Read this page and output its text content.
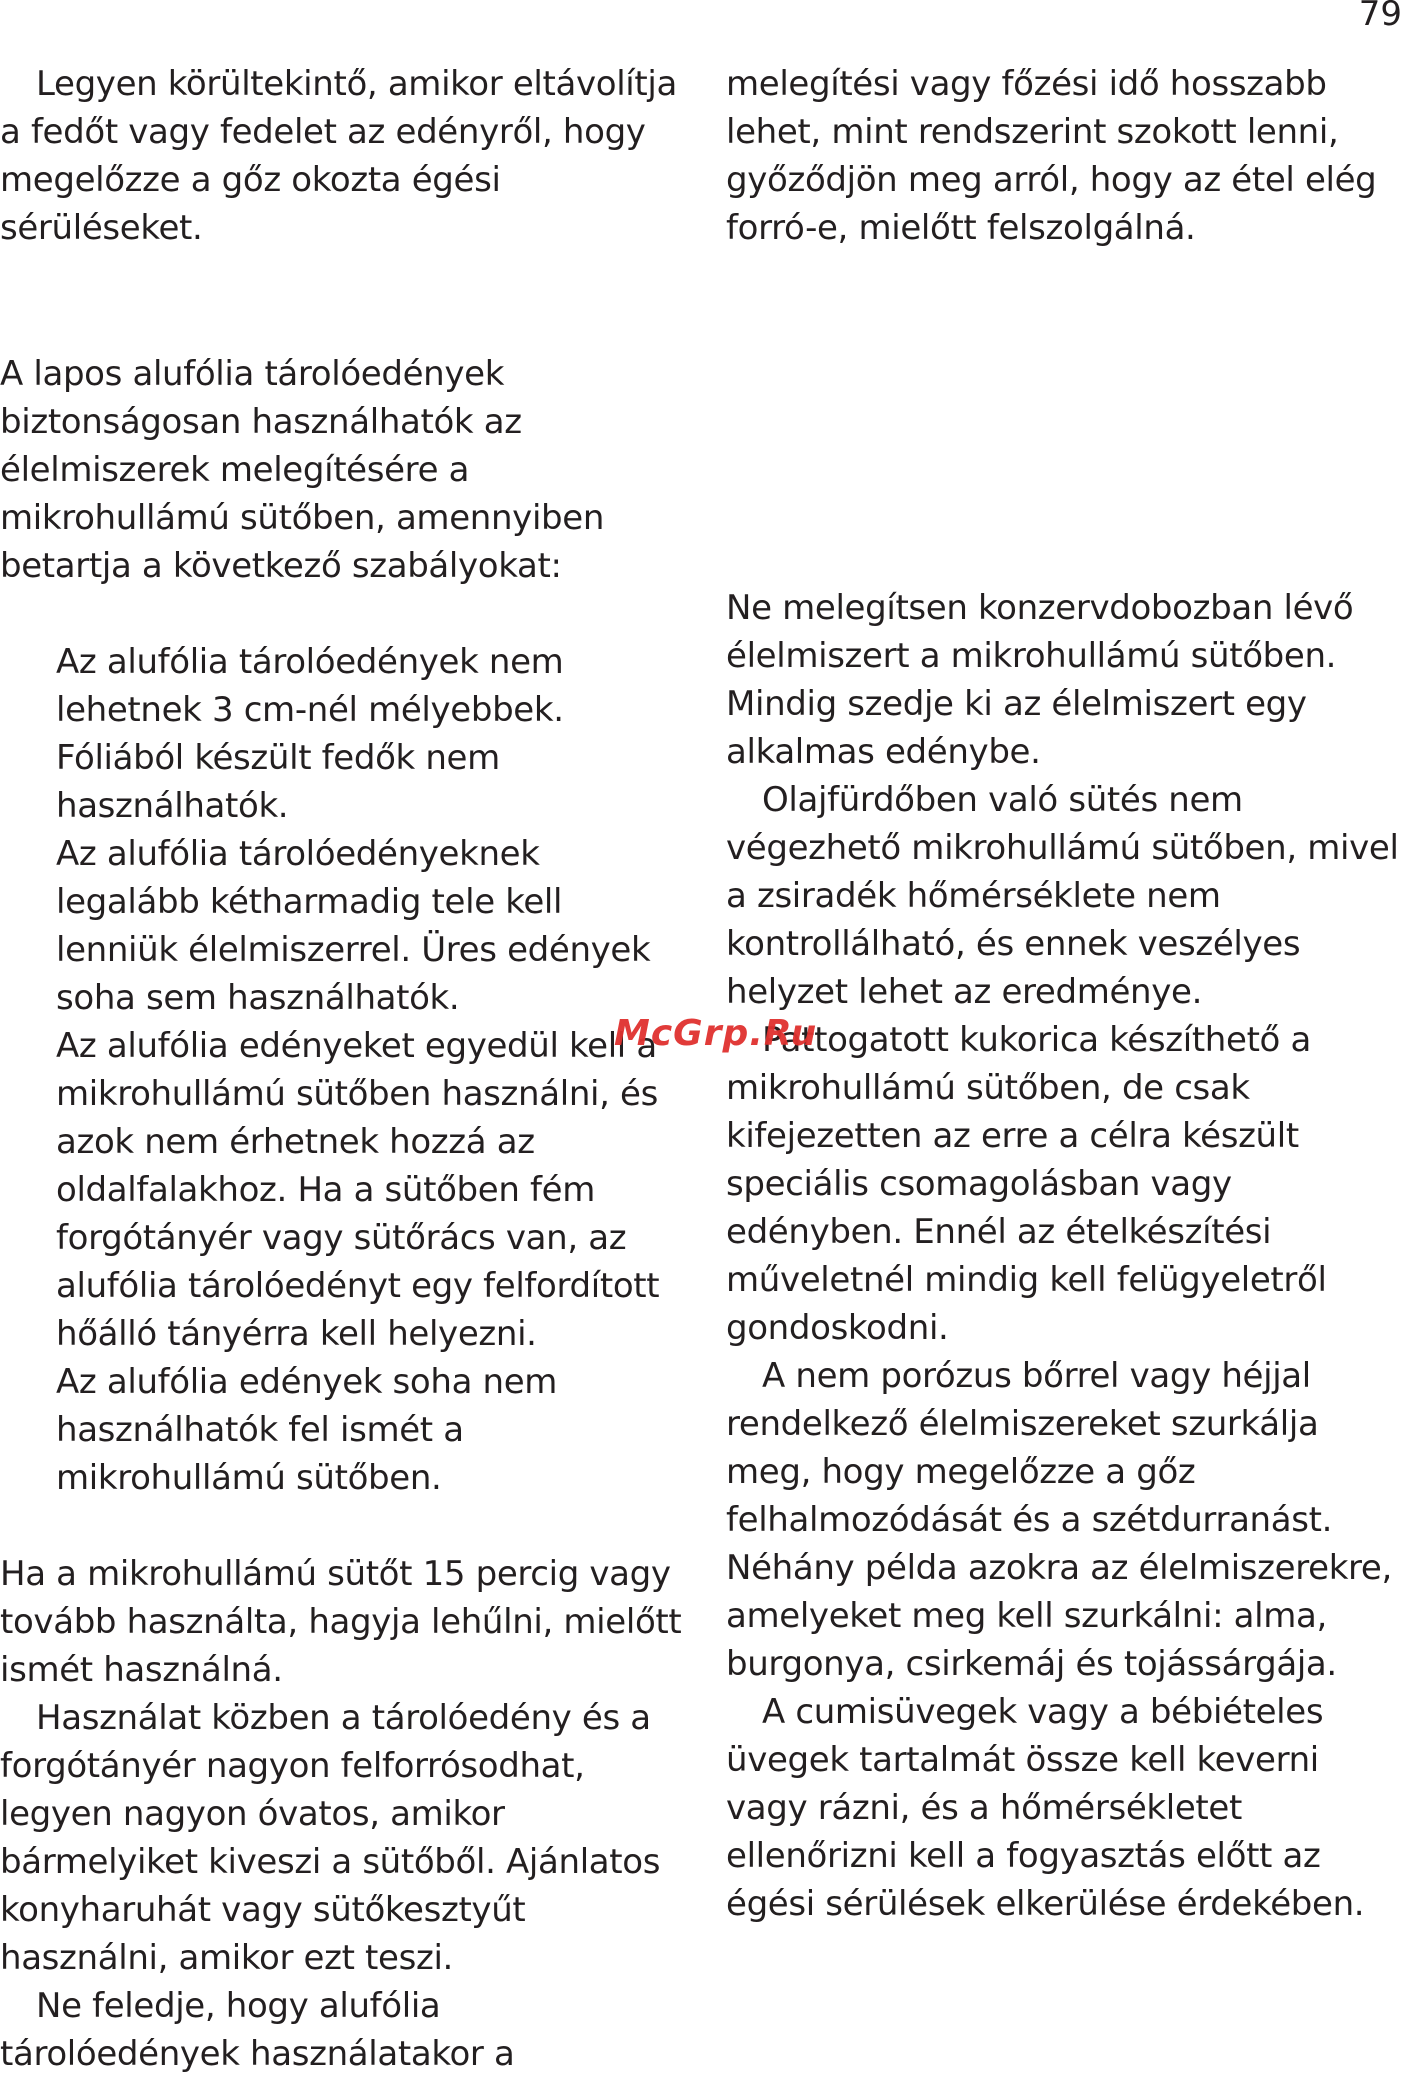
79

Legyen körültekintő, amikor eltávolítja a fedőt vagy fedelet az edényről, hogy megelőzze a gőz okozta égési sérüléseket.

A lapos alufólia tárolóedények biztonságosan használhatók az élelmiszerek melegítésére a mikrohullámú sütőben, amennyiben betartja a következő szabályokat:

Az alufólia tárolóedények nem lehetnek 3 cm-nél mélyebbek. Fóliából készült fedők nem használhatók.

Az alufólia tárolóedényeknek legalább kétharmadig tele kell lenniük élelmiszerrel. Üres edények soha sem használhatók.

Az alufólia edényeket egyedül kell a mikrohullámú sütőben használni, és azok nem érhetnek hozzá az oldalfalakhoz. Ha a sütőben fém forgótányér vagy sütőrács van, az alufólia tárolóedényt egy felfordított hőálló tányérra kell helyezni.

Az alufólia edények soha nem használhatók fel ismét a mikrohullámú sütőben.

Ha a mikrohullámú sütőt 15 percig vagy tovább használta, hagyja lehűlni, mielőtt ismét használná.

Használat közben a tárolóedény és a forgótányér nagyon felforrósodhat, legyen nagyon óvatos, amikor bármelyiket kiveszi a sütőből. Ajánlatos konyharuhát vagy sütőkesztyűt használni, amikor ezt teszi.

Ne feledje, hogy alufólia tárolóedények használatakor a

melegítési vagy főzési idő hosszabb lehet, mint rendszerint szokott lenni, győződjön meg arról, hogy az étel elég forró-e, mielőtt felszolgálná.

Ne melegítsen konzervdobozban lévő élelmiszert a mikrohullámú sütőben. Mindig szedje ki az élelmiszert egy alkalmas edénybe.

Olajfürdőben való sütés nem végezhető mikrohullámú sütőben, mivel a zsiradék hőmérséklete nem kontrollálható, és ennek veszélyes helyzet lehet az eredménye.

Pattogatott kukorica készíthető a mikrohullámú sütőben, de csak kifejezetten az erre a célra készült speciális csomagolásban vagy edényben. Ennél az ételkészítési műveletnél mindig kell felügyeletről gondoskodni.

A nem porózus bőrrel vagy héjjal rendelkező élelmiszereket szurkálja meg, hogy megelőzze a gőz felhalmozódását és a szétdurranást. Néhány példa azokra az élelmiszerekre, amelyeket meg kell szurkálni: alma, burgonya, csirkemáj és tojássárgája.

A cumisüvegek vagy a bébiételes üvegek tartalmát össze kell keverni vagy rázni, és a hőmérsékletet ellenőrizni kell a fogyasztás előtt az égési sérülések elkerülése érdekében.

McGrp.Ru
